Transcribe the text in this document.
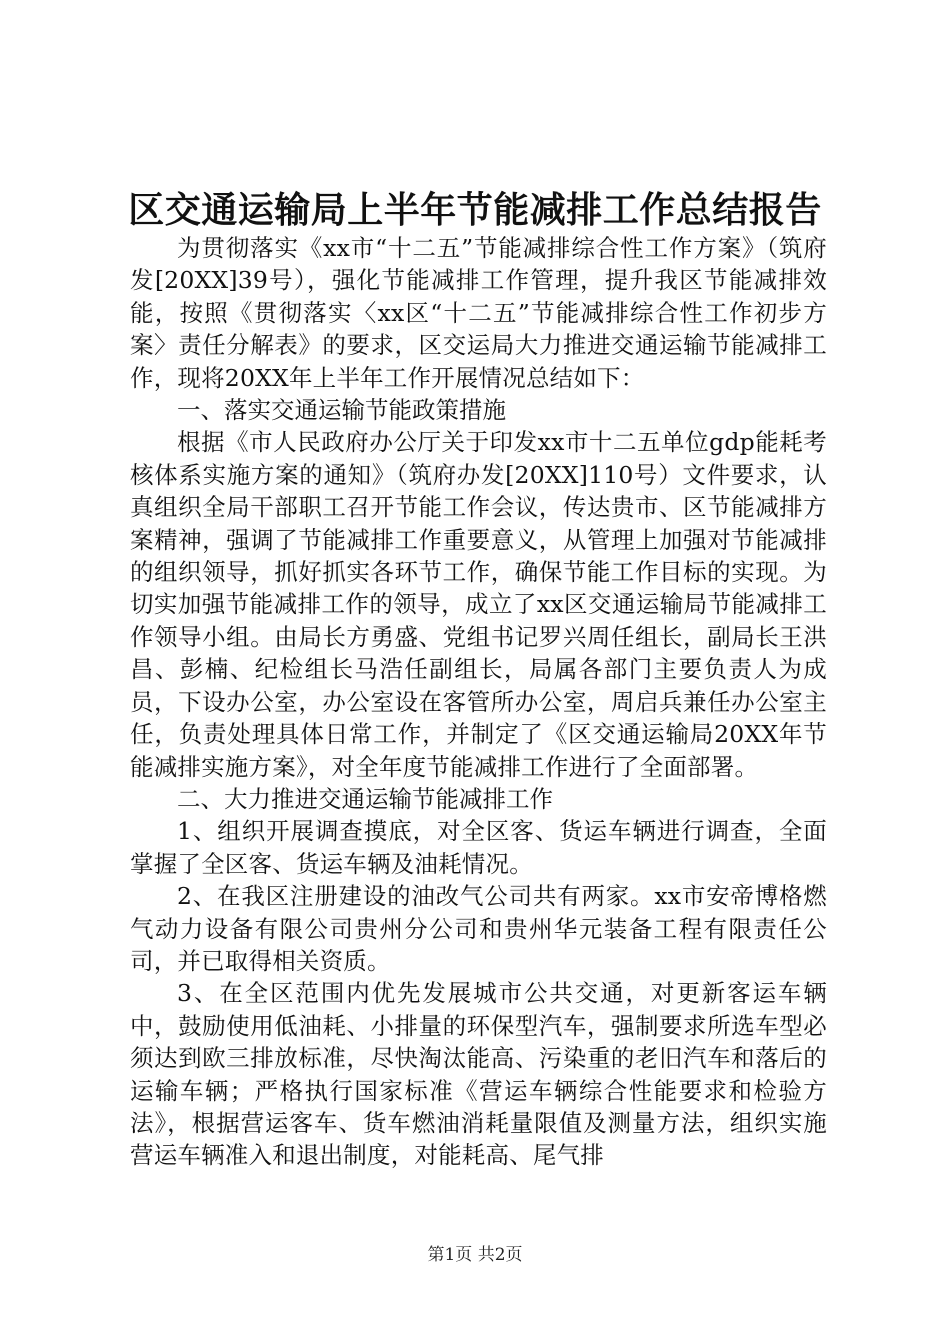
区交通运输局上半年节能减排工作总结报告

为贯彻落实《xx市“十二五”节能减排综合性工作方案》（筑府发[20XX]39号），强化节能减排工作管理，提升我区节能减排效能，按照《贯彻落实〈xx区“十二五”节能减排综合性工作初步方案〉责任分解表》的要求，区交运局大力推进交通运输节能减排工作，现将20XX年上半年工作开展情况总结如下：

一、落实交通运输节能政策措施

根据《市人民政府办公厅关于印发xx市十二五单位gdp能耗考核体系实施方案的通知》（筑府办发[20XX]110号）文件要求，认真组织全局干部职工召开节能工作会议，传达贵市、区节能减排方案精神，强调了节能减排工作重要意义，从管理上加强对节能减排的组织领导，抓好抓实各环节工作，确保节能工作目标的实现。为切实加强节能减排工作的领导，成立了xx区交通运输局节能减排工作领导小组。由局长方勇盛、党组书记罗兴周任组长，副局长王洪昌、彭楠、纪检组长马浩任副组长，局属各部门主要负责人为成员，下设办公室，办公室设在客管所办公室，周启兵兼任办公室主任，负责处理具体日常工作，并制定了《区交通运输局20XX年节能减排实施方案》，对全年度节能减排工作进行了全面部署。

二、大力推进交通运输节能减排工作

1、组织开展调查摸底，对全区客、货运车辆进行调查，全面掌握了全区客、货运车辆及油耗情况。

2、在我区注册建设的油改气公司共有两家。xx市安帝博格燃气动力设备有限公司贵州分公司和贵州华元装备工程有限责任公司，并已取得相关资质。

3、在全区范围内优先发展城市公共交通，对更新客运车辆中，鼓励使用低油耗、小排量的环保型汽车，强制要求所选车型必须达到欧三排放标准，尽快淘汰能高、污染重的老旧汽车和落后的运输车辆；严格执行国家标准《营运车辆综合性能要求和检验方法》，根据营运客车、货车燃油消耗量限值及测量方法，组织实施营运车辆准入和退出制度，对能耗高、尾气排

第1页 共2页
